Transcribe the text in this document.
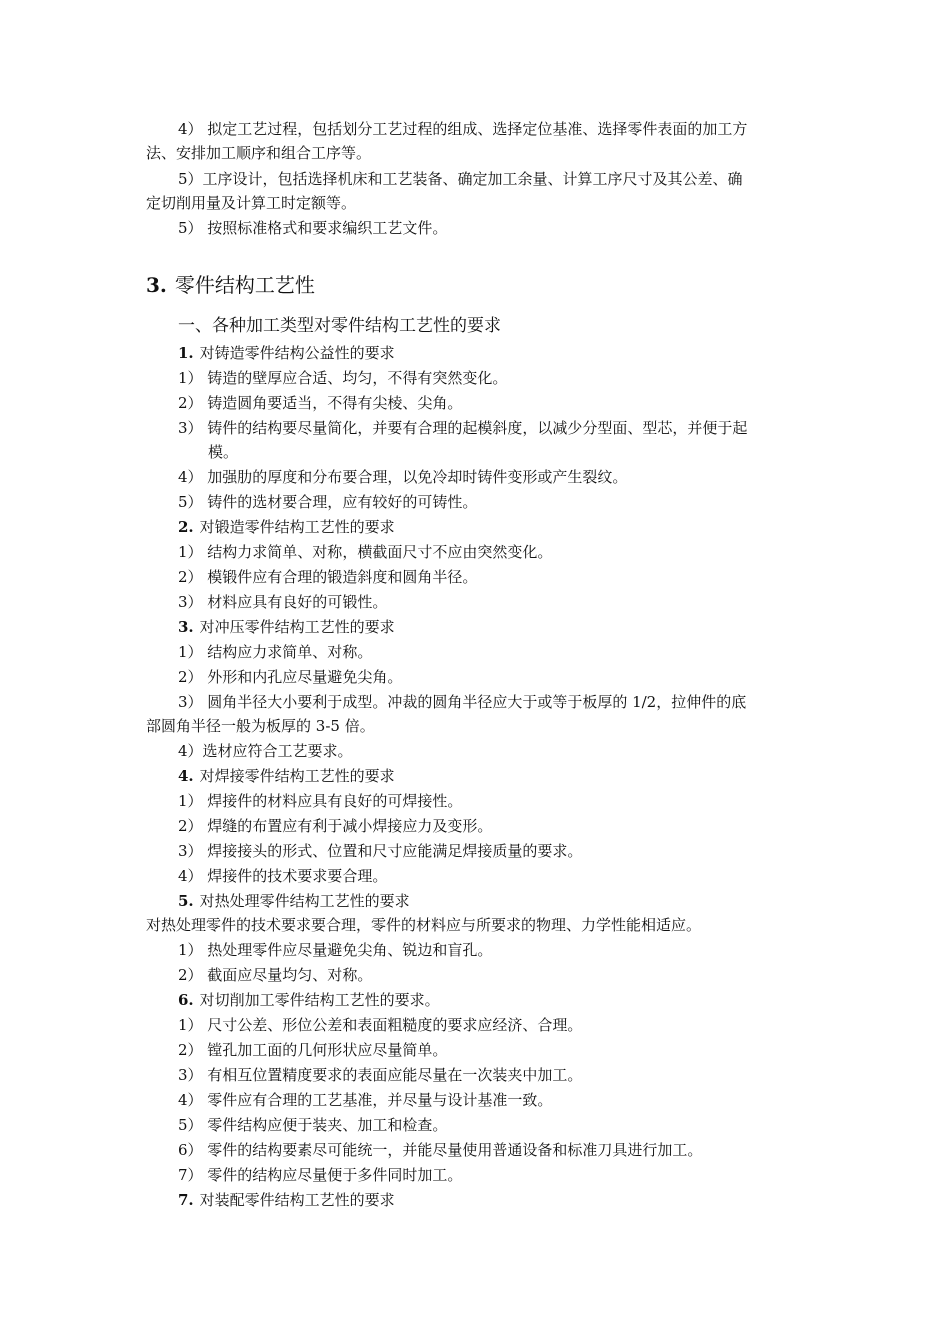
4） 拟定工艺过程，包括划分工艺过程的组成、选择定位基准、选择零件表面的加工方

法、安排加工顺序和组合工序等。

5）工序设计，包括选择机床和工艺装备、确定加工余量、计算工序尺寸及其公差、确

定切削用量及计算工时定额等。

5） 按照标准格式和要求编织工艺文件。

3. 零件结构工艺性

一、各种加工类型对零件结构工艺性的要求

1. 对铸造零件结构公益性的要求

1） 铸造的壁厚应合适、均匀，不得有突然变化。

2） 铸造圆角要适当，不得有尖棱、尖角。

3） 铸件的结构要尽量简化，并要有合理的起模斜度，以减少分型面、型芯，并便于起

模。

4） 加强肋的厚度和分布要合理，以免冷却时铸件变形或产生裂纹。

5） 铸件的选材要合理，应有较好的可铸性。

2. 对锻造零件结构工艺性的要求

1） 结构力求简单、对称，横截面尺寸不应由突然变化。

2） 模锻件应有合理的锻造斜度和圆角半径。

3） 材料应具有良好的可锻性。

3. 对冲压零件结构工艺性的要求

1） 结构应力求简单、对称。

2） 外形和内孔应尽量避免尖角。

3） 圆角半径大小要利于成型。冲裁的圆角半径应大于或等于板厚的 1/2，拉伸件的底

部圆角半径一般为板厚的 3-5 倍。

4）选材应符合工艺要求。

4. 对焊接零件结构工艺性的要求

1） 焊接件的材料应具有良好的可焊接性。

2） 焊缝的布置应有利于减小焊接应力及变形。

3） 焊接接头的形式、位置和尺寸应能满足焊接质量的要求。

4） 焊接件的技术要求要合理。

5. 对热处理零件结构工艺性的要求

对热处理零件的技术要求要合理，零件的材料应与所要求的物理、力学性能相适应。

1） 热处理零件应尽量避免尖角、锐边和盲孔。

2） 截面应尽量均匀、对称。

6. 对切削加工零件结构工艺性的要求。

1） 尺寸公差、形位公差和表面粗糙度的要求应经济、合理。

2） 镗孔加工面的几何形状应尽量简单。

3） 有相互位置精度要求的表面应能尽量在一次装夹中加工。

4） 零件应有合理的工艺基准，并尽量与设计基准一致。

5） 零件结构应便于装夹、加工和检查。

6） 零件的结构要素尽可能统一，并能尽量使用普通设备和标准刀具进行加工。

7） 零件的结构应尽量便于多件同时加工。

7. 对装配零件结构工艺性的要求
